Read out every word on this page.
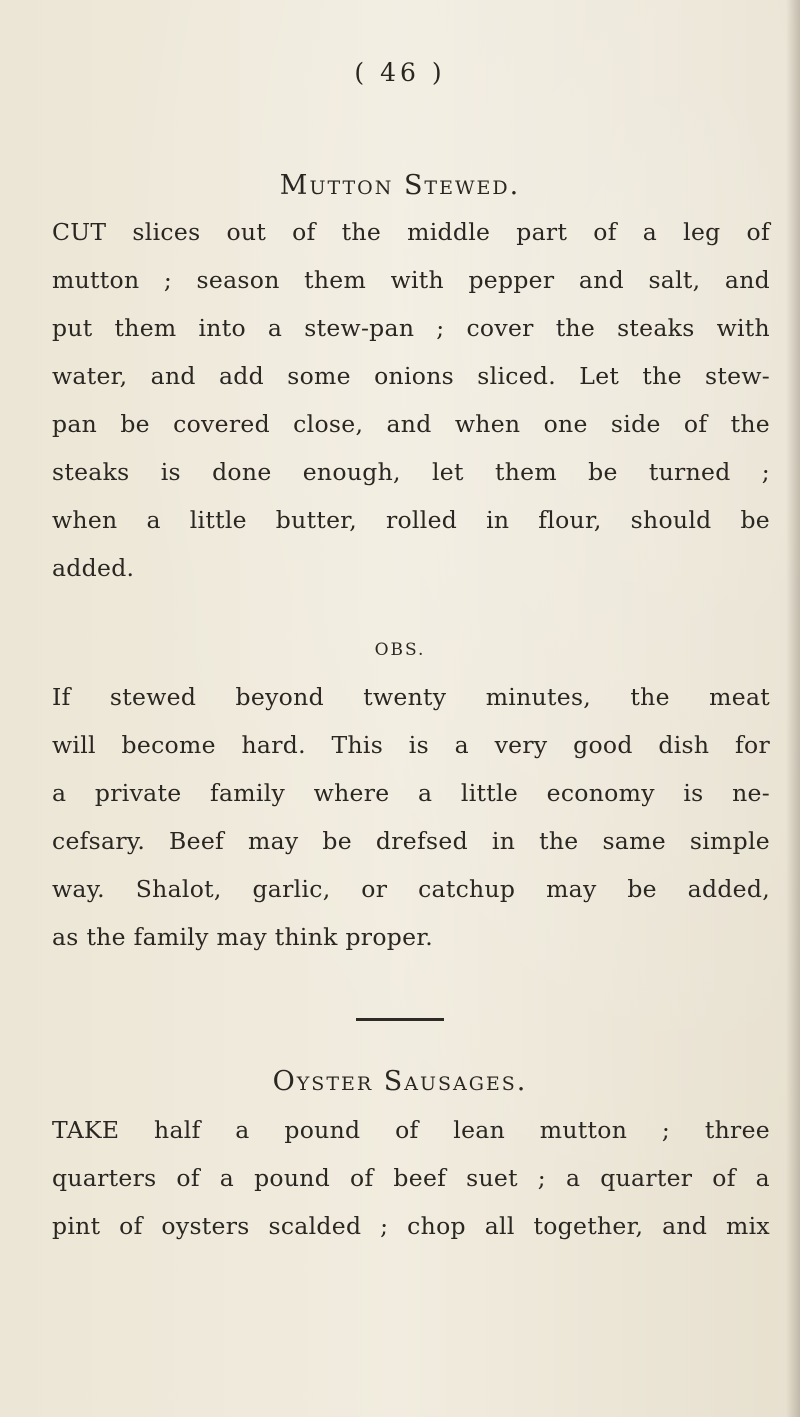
( 46 )
Mutton Stewed.

CUT slices out of the middle part of a leg of
mutton ; season them with pepper and salt, and
put them into a stew-pan ; cover the steaks with
water, and add some onions sliced. Let the stew-
pan be covered close, and when one side of the
steaks is done enough, let them be turned ;
when a little butter, rolled in flour, should be
added.

OBS.

If stewed beyond twenty minutes, the meat
will become hard. This is a very good dish for
a private family where a little economy is ne-
cefsary. Beef may be drefsed in the same simple
way. Shalot, garlic, or catchup may be added,
as the family may think proper.

Oyster Sausages.

TAKE half a pound of lean mutton ; three
quarters of a pound of beef suet ; a quarter of a
pint of oysters scalded ; chop all together, and mix
